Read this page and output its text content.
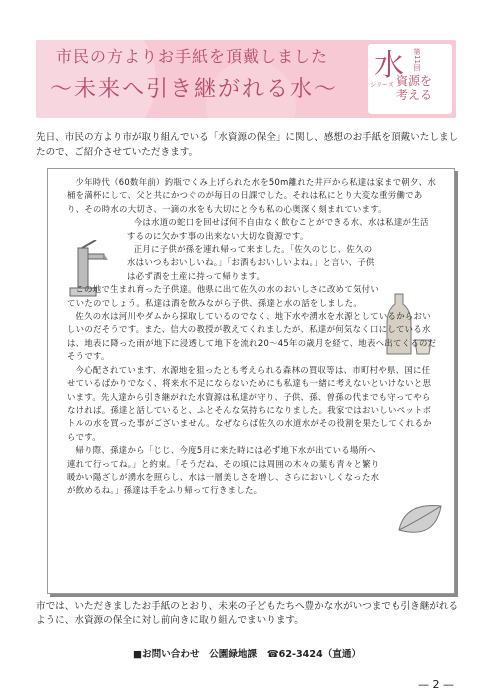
市民の方よりお手紙を頂戴しました
～未来へ引き継がれる水～
水
シリーズ
第11回
資源を
考える
先日、市民の方より市が取り組んでいる「水資源の保全」に関し、感想のお手紙を頂戴いたしましたので、ご紹介させていただきます。

少年時代（60数年前）釣瓶でくみ上げられた水を50m離れた井戸から私達は家まで朝夕、水桶を満杯にして、父と共にかつぐのが毎日の日課でした。それは私にとり大変な重労働であり、その時水の大切さ、一滴の水をも大切にと今も私の心奥深く刻まれています。

今は水道の蛇口を回せば何不自由なく飲むことができる水、水は私達が生活するのに欠かす事の出来ない大切な資源です。

正月に子供が孫を連れ帰って来ました。「佐久のじじ、佐久の水はいつもおいしいね。」「お酒もおいしいよね。」と言い、子供は必ず酒を土産に持って帰ります。

この地で生まれ育った子供達。他県に出て佐久の水のおいしさに改めて気付いていたのでしょう。私達は酒を飲みながら子供、孫達と水の話をしました。

佐久の水は河川やダムから採取しているのでなく、地下水や湧水を水源としているからおいしいのだそうです。また、信大の教授が教えてくれましたが、私達が何気なく口にしている水は、地表に降った雨が地下に浸透して地下を流れ20～45年の歳月を経て、地表へ出てくるのだそうです。

今心配されています、水源地を狙ったとも考えられる森林の買収等は、市町村や県、国に任せているばかりでなく、将来水不足にならないためにも私達も一緒に考えないといけないと思います。先人達から引き継がれた水資源は私達が守り、子供、孫、曽孫の代までも守ってやらなければ。孫達と話していると、ふとそんな気持ちになりました。我家ではおいしいペットボトルの水を買った事がございません。なぜならば佐久の水道水がその役割を果たしてくれるからです。

帰り際、孫達から「じじ、今度5月に来た時には必ず地下水が出ている場所へ連れて行ってね。」と約束。「そうだね、その頃には周囲の木々の葉も青々と繁り暖かい陽ざしが湧水を照らし、水は一層美しさを増し、さらにおいしくなった水が飲めるね。」孫達は手をふり帰って行きました。

市では、いただきましたお手紙のとおり、未来の子どもたちへ豊かな水がいつまでも引き継がれるように、水資源の保全に対し前向きに取り組んでまいります。
■お問い合わせ　公園緑地課　☎62-3424（直通）
— 2 —
